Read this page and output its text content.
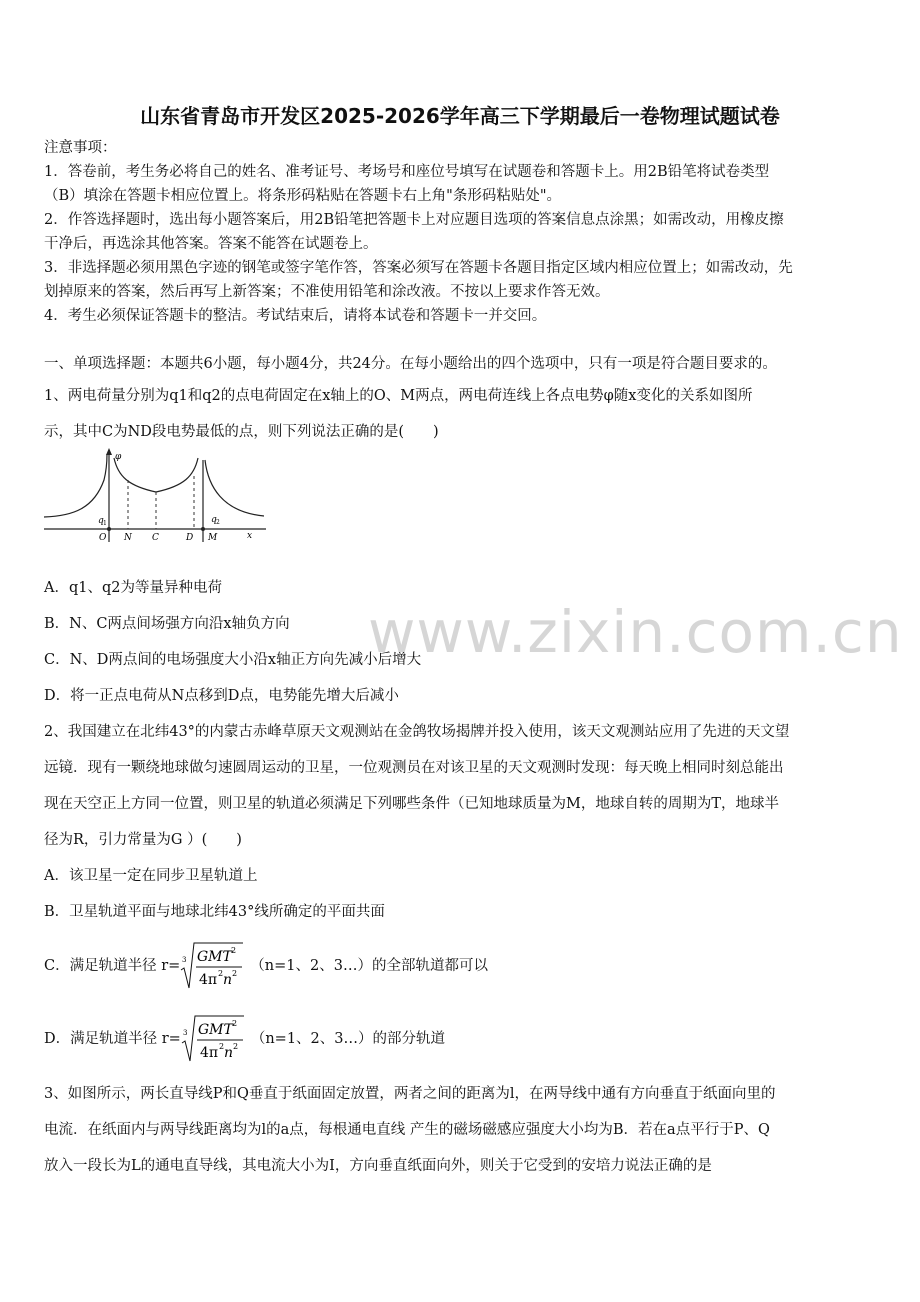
山东省青岛市开发区2025-2026学年高三下学期最后一卷物理试题试卷
注意事项：
1．答卷前，考生务必将自己的姓名、准考证号、考场号和座位号填写在试题卷和答题卡上。用2B铅笔将试卷类型
（B）填涂在答题卡相应位置上。将条形码粘贴在答题卡右上角"条形码粘贴处"。
2．作答选择题时，选出每小题答案后，用2B铅笔把答题卡上对应题目选项的答案信息点涂黑；如需改动，用橡皮擦
干净后，再选涂其他答案。答案不能答在试题卷上。
3．非选择题必须用黑色字迹的钢笔或签字笔作答，答案必须写在答题卡各题目指定区域内相应位置上；如需改动，先
划掉原来的答案，然后再写上新答案；不准使用铅笔和涂改液。不按以上要求作答无效。
4．考生必须保证答题卡的整洁。考试结束后，请将本试卷和答题卡一并交回。
一、单项选择题：本题共6小题，每小题4分，共24分。在每小题给出的四个选项中，只有一项是符合题目要求的。
1、两电荷量分别为q1和q2的点电荷固定在x轴上的O、M两点，两电荷连线上各点电势φ随x变化的关系如图所
示，其中C为ND段电势最低的点，则下列说法正确的是(　　)
φ
q 1	q 2
O N C	D M	x
A．q1、q2为等量异种电荷
B．N、C两点间场强方向沿x轴负方向
C．N、D两点间的电场强度大小沿x轴正方向先减小后增大
D．将一正点电荷从N点移到D点，电势能先增大后减小
www.zixin.com.cn
2、我国建立在北纬43°的内蒙古赤峰草原天文观测站在金鸽牧场揭牌并投入使用，该天文观测站应用了先进的天文望
远镜．现有一颗绕地球做匀速圆周运动的卫星，一位观测员在对该卫星的天文观测时发现：每天晚上相同时刻总能出
现在天空正上方同一位置，则卫星的轨道必须满足下列哪些条件（已知地球质量为M，地球自转的周期为T，地球半
径为R，引力常量为G ）(　　)
A．该卫星一定在同步卫星轨道上
B．卫星轨道平面与地球北纬43°线所确定的平面共面
C．满足轨道半径 r= 3 GMT 2
4π 2 n 2 （n=1、2、3…）的全部轨道都可以
D．满足轨道半径 r= 3 GMT 2
4π 2 n 2 （n=1、2、3…）的部分轨道
3、如图所示，两长直导线P和Q垂直于纸面固定放置，两者之间的距离为l，在两导线中通有方向垂直于纸面向里的
电流．在纸面内与两导线距离均为l的a点，每根通电直线 产生的磁场磁感应强度大小均为B．若在a点平行于P、Q
放入一段长为L的通电直导线，其电流大小为I，方向垂直纸面向外，则关于它受到的安培力说法正确的是
